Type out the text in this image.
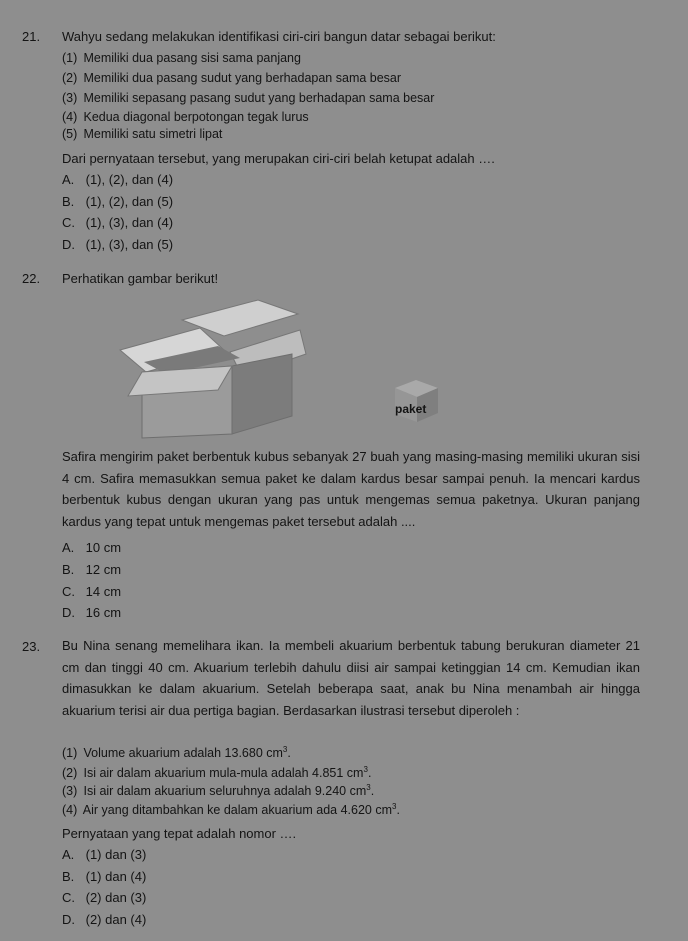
21. Wahyu sedang melakukan identifikasi ciri-ciri bangun datar sebagai berikut:
(1) Memiliki dua pasang sisi sama panjang
(2) Memiliki dua pasang sudut yang berhadapan sama besar
(3) Memiliki sepasang pasang sudut yang berhadapan sama besar
(4) Kedua diagonal berpotongan tegak lurus
(5) Memiliki satu simetri lipat
Dari pernyataan tersebut, yang merupakan ciri-ciri belah ketupat adalah ….
A. (1), (2), dan (4)
B. (1), (2), dan (5)
C. (1), (3), dan (4)
D. (1), (3), dan (5)
22. Perhatikan gambar berikut!
paket
Safira mengirim paket berbentuk kubus sebanyak 27 buah yang masing-masing memiliki ukuran sisi 4 cm. Safira memasukkan semua paket ke dalam kardus besar sampai penuh. Ia mencari kardus berbentuk kubus dengan ukuran yang pas untuk mengemas semua paketnya. Ukuran panjang kardus yang tepat untuk mengemas paket tersebut adalah ....
A. 10 cm
B. 12 cm
C. 14 cm
D. 16 cm
23. Bu Nina senang memelihara ikan. Ia membeli akuarium berbentuk tabung berukuran diameter 21 cm dan tinggi 40 cm. Akuarium terlebih dahulu diisi air sampai ketinggian 14 cm. Kemudian ikan dimasukkan ke dalam akuarium. Setelah beberapa saat, anak bu Nina menambah air hingga akuarium terisi air dua pertiga bagian. Berdasarkan ilustrasi tersebut diperoleh :
(1) Volume akuarium adalah 13.680 $cm^3$.
(2) Isi air dalam akuarium mula-mula adalah 4.851 $cm^3$.
(3) Isi air dalam akuarium seluruhnya adalah 9.240 $cm^3$.
(4) Air yang ditambahkan ke dalam akuarium ada 4.620 $cm^3$.
Pernyataan yang tepat adalah nomor ….
A. (1) dan (3)
B. (1) dan (4)
C. (2) dan (3)
D. (2) dan (4)
